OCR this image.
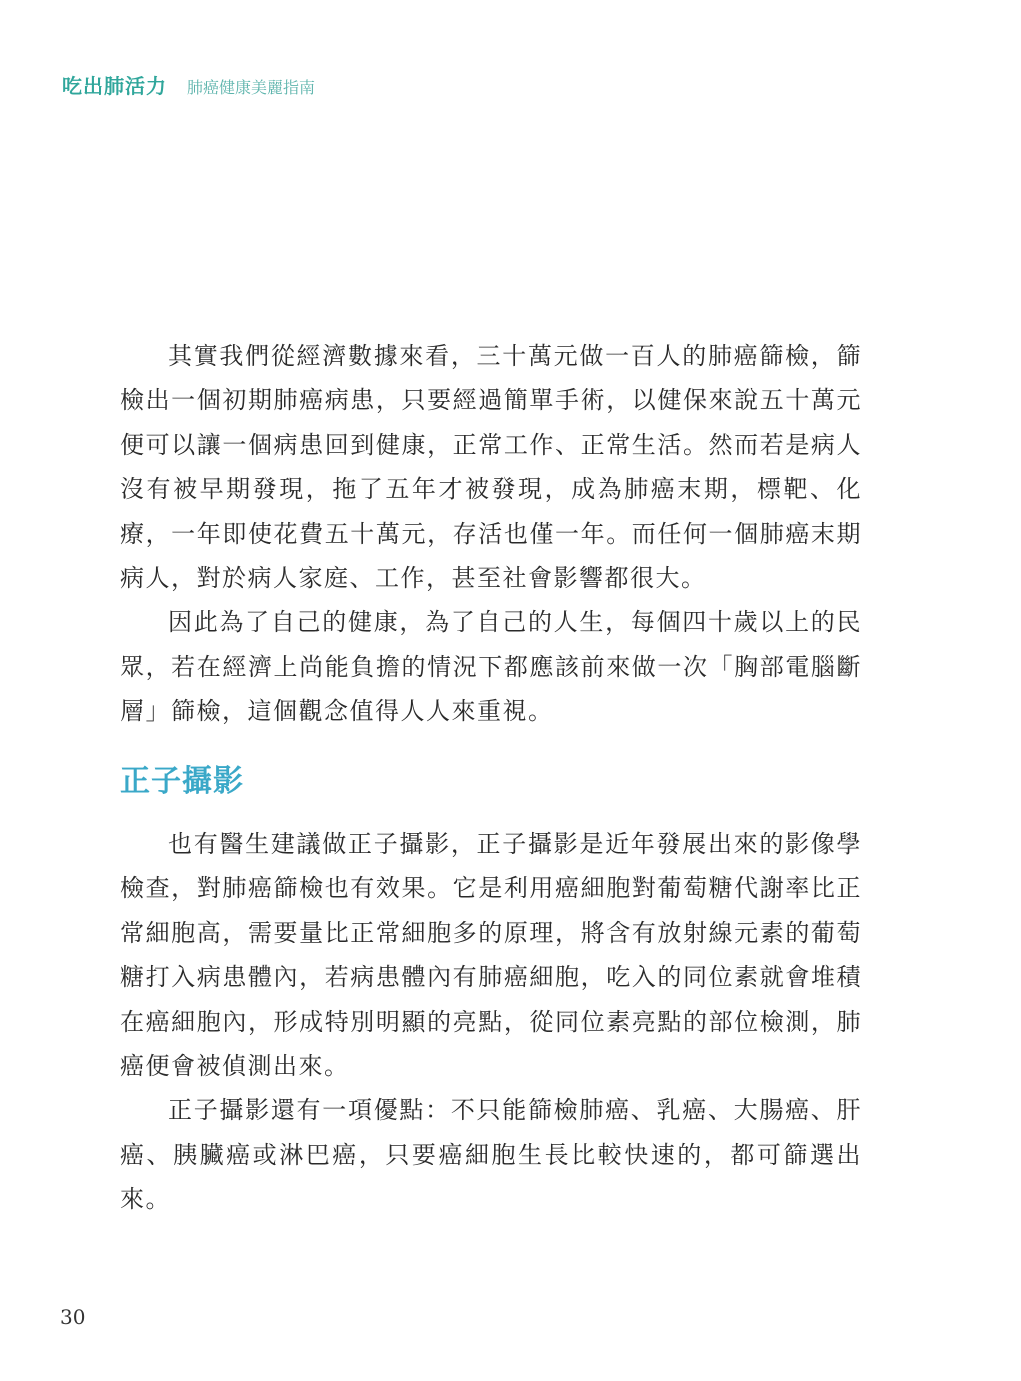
吃出肺活力 肺癌健康美麗指南

其實我們從經濟數據來看，三十萬元做一百人的肺癌篩檢，篩檢出一個初期肺癌病患，只要經過簡單手術，以健保來說五十萬元便可以讓一個病患回到健康，正常工作、正常生活。然而若是病人沒有被早期發現，拖了五年才被發現，成為肺癌末期，標靶、化療，一年即使花費五十萬元，存活也僅一年。而任何一個肺癌末期病人，對於病人家庭、工作，甚至社會影響都很大。

因此為了自己的健康，為了自己的人生，每個四十歲以上的民眾，若在經濟上尚能負擔的情況下都應該前來做一次「胸部電腦斷層」篩檢，這個觀念值得人人來重視。

正子攝影

也有醫生建議做正子攝影，正子攝影是近年發展出來的影像學檢查，對肺癌篩檢也有效果。它是利用癌細胞對葡萄糖代謝率比正常細胞高，需要量比正常細胞多的原理，將含有放射線元素的葡萄糖打入病患體內，若病患體內有肺癌細胞，吃入的同位素就會堆積在癌細胞內，形成特別明顯的亮點，從同位素亮點的部位檢測，肺癌便會被偵測出來。

正子攝影還有一項優點：不只能篩檢肺癌、乳癌、大腸癌、肝癌、胰臟癌或淋巴癌，只要癌細胞生長比較快速的，都可篩選出來。

30
